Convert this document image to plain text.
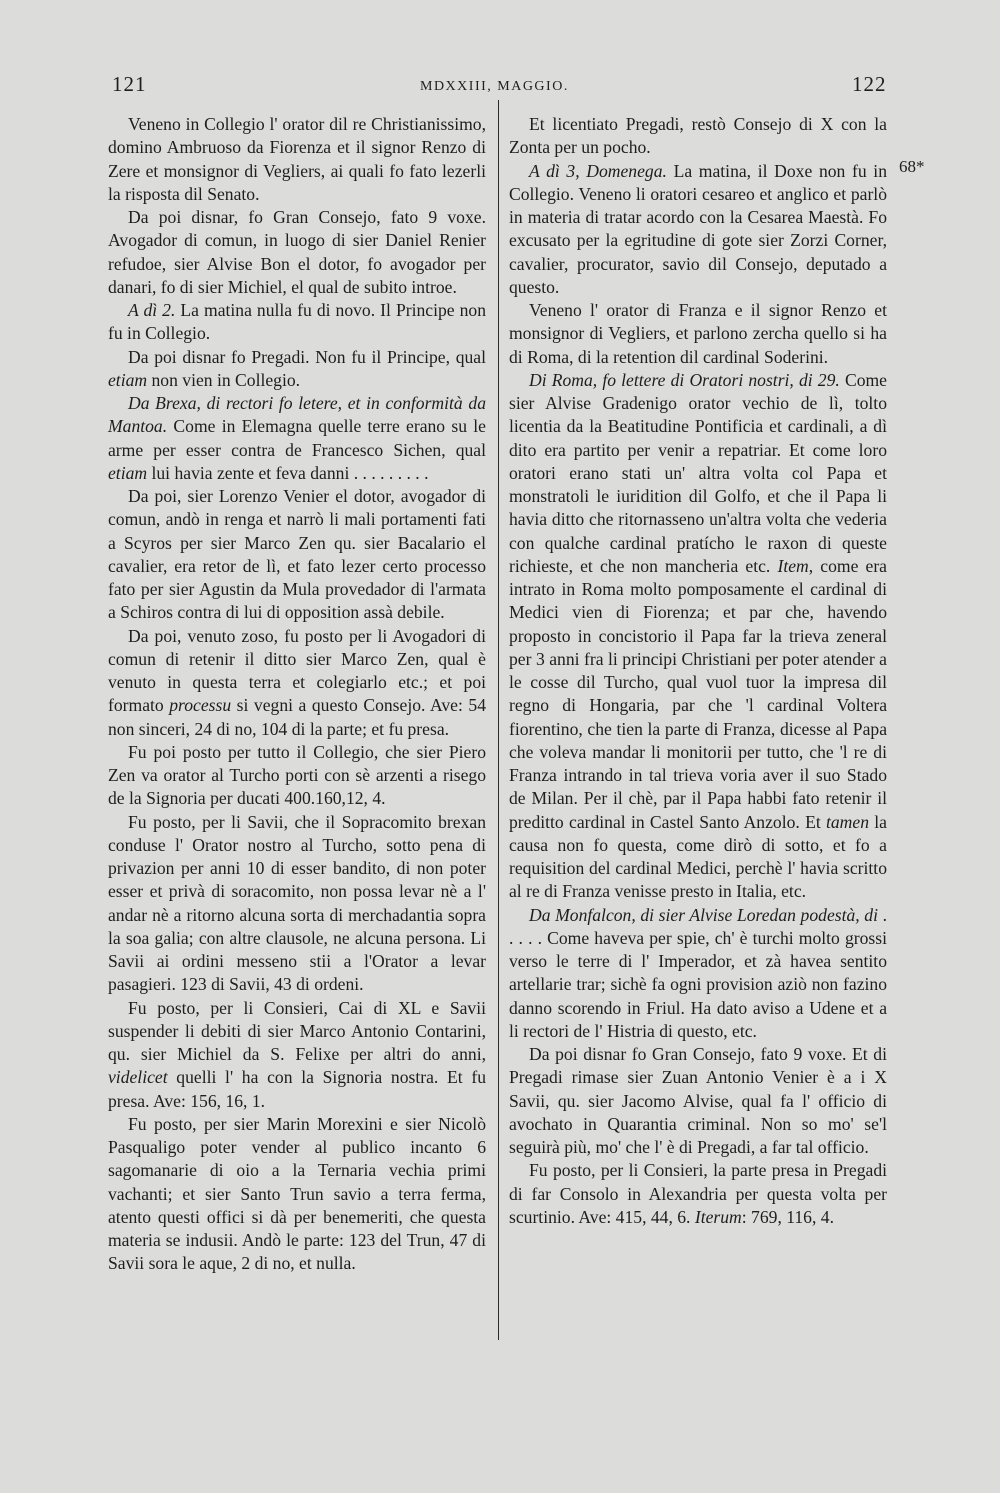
121	MDXXIII, MAGGIO.	122
68*

Veneno in Collegio l' orator dil re Christianissimo, domino Ambruoso da Fiorenza et il signor Renzo di Zere et monsignor di Vegliers, ai quali fo fato lezerli la risposta dil Senato.

Da poi disnar, fo Gran Consejo, fato 9 voxe. Avogador di comun, in luogo di sier Daniel Renier refudoe, sier Alvise Bon el dotor, fo avogador per danari, fo di sier Michiel, el qual de subito introe.

A dì 2. La matina nulla fu di novo. Il Principe non fu in Collegio.

Da poi disnar fo Pregadi. Non fu il Principe, qual etiam non vien in Collegio.

Da Brexa, di rectori fo letere, et in conformità da Mantoa. Come in Elemagna quelle terre erano su le arme per esser contra de Francesco Sichen, qual etiam lui havia zente et feva danni . . . . . . . . .

Da poi, sier Lorenzo Venier el dotor, avogador di comun, andò in renga et narrò li mali portamenti fati a Scyros per sier Marco Zen qu. sier Bacalario el cavalier, era retor de lì, et fato lezer certo processo fato per sier Agustin da Mula provedador di l'armata a Schiros contra di lui di opposition assà debile.

Da poi, venuto zoso, fu posto per li Avogadori di comun di retenir il ditto sier Marco Zen, qual è venuto in questa terra et colegiarlo etc.; et poi formato processu si vegni a questo Consejo. Ave: 54 non sinceri, 24 di no, 104 di la parte; et fu presa.

Fu poi posto per tutto il Collegio, che sier Piero Zen va orator al Turcho porti con sè arzenti a risego de la Signoria per ducati 400.160,12, 4.

Fu posto, per li Savii, che il Sopracomito brexan conduse l' Orator nostro al Turcho, sotto pena di privazion per anni 10 di esser bandito, di non poter esser et privà di soracomito, non possa levar nè a l' andar nè a ritorno alcuna sorta di merchadantia sopra la soa galia; con altre clausole, ne alcuna persona. Li Savii ai ordini messeno stii a l'Orator a levar pasagieri. 123 di Savii, 43 di ordeni.

Fu posto, per li Consieri, Cai di XL e Savii suspender li debiti di sier Marco Antonio Contarini, qu. sier Michiel da S. Felixe per altri do anni, videlicet quelli l' ha con la Signoria nostra. Et fu presa. Ave: 156, 16, 1.

Fu posto, per sier Marin Morexini e sier Nicolò Pasqualigo poter vender al publico incanto 6 sagomanarie di oio a la Ternaria vechia primi vachanti; et sier Santo Trun savio a terra ferma, atento questi offici si dà per benemeriti, che questa materia se indusii. Andò le parte: 123 del Trun, 47 di Savii sora le aque, 2 di no, et nulla.

Et licentiato Pregadi, restò Consejo di X con la Zonta per un pocho.

A dì 3, Domenega. La matina, il Doxe non fu in Collegio. Veneno li oratori cesareo et anglico et parlò in materia di tratar acordo con la Cesarea Maestà. Fo excusato per la egritudine di gote sier Zorzi Corner, cavalier, procurator, savio dil Consejo, deputado a questo.

Veneno l' orator di Franza e il signor Renzo et monsignor di Vegliers, et parlono zercha quello si ha di Roma, di la retention dil cardinal Soderini.

Di Roma, fo lettere di Oratori nostri, di 29. Come sier Alvise Gradenigo orator vechio de lì, tolto licentia da la Beatitudine Pontificia et cardinali, a dì dito era partito per venir a repatriar. Et come loro oratori erano stati un' altra volta col Papa et monstratoli le iuridition dil Golfo, et che il Papa li havia ditto che ritornasseno un'altra volta che vederia con qualche cardinal pratícho le raxon di queste richieste, et che non mancheria etc. Item, come era intrato in Roma molto pomposamente el cardinal di Medici vien di Fiorenza; et par che, havendo proposto in concistorio il Papa far la trieva zeneral per 3 anni fra li principi Christiani per poter atender a le cosse dil Turcho, qual vuol tuor la impresa dil regno di Hongaria, par che 'l cardinal Voltera fiorentino, che tien la parte di Franza, dicesse al Papa che voleva mandar li monitorii per tutto, che 'l re di Franza intrando in tal trieva voria aver il suo Stado de Milan. Per il chè, par il Papa habbi fato retenir il preditto cardinal in Castel Santo Anzolo. Et tamen la causa non fo questa, come dirò di sotto, et fo a requisition del cardinal Medici, perchè l' havia scritto al re di Franza venisse presto in Italia, etc.

Da Monfalcon, di sier Alvise Loredan podestà, di . . . . . Come haveva per spie, ch' è turchi molto grossi verso le terre di l' Imperador, et zà havea sentito artellarie trar; sichè fa ogni provision aziò non fazino danno scorendo in Friul. Ha dato aviso a Udene et a li rectori de l' Histria di questo, etc.

Da poi disnar fo Gran Consejo, fato 9 voxe. Et di Pregadi rimase sier Zuan Antonio Venier è a i X Savii, qu. sier Jacomo Alvise, qual fa l' officio di avochato in Quarantia criminal. Non so mo' se'l seguirà più, mo' che l' è di Pregadi, a far tal officio.

Fu posto, per li Consieri, la parte presa in Pregadi di far Consolo in Alexandria per questa volta per scurtinio. Ave: 415, 44, 6. Iterum: 769, 116, 4.
